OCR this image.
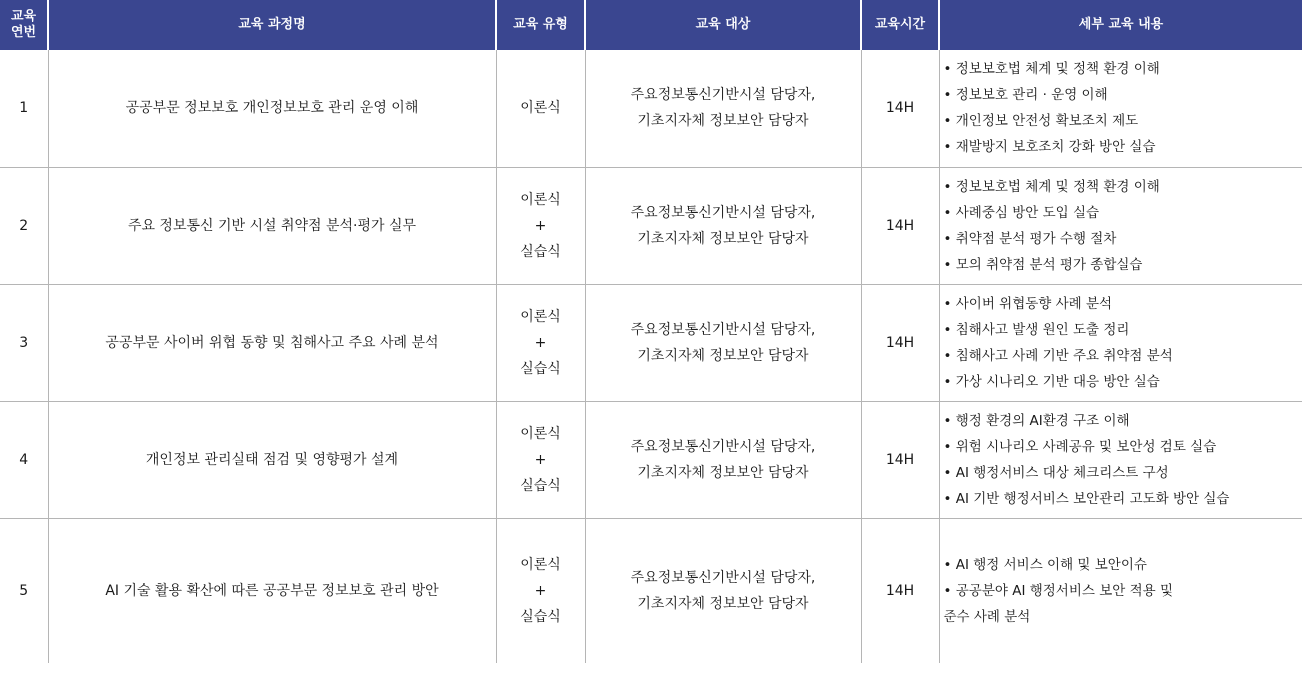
교육
연번	교육 과정명	교육 유형	교육 대상	교육시간	세부 교육 내용
1	공공부문 정보보호 개인정보보호 관리 운영 이해	이론식	주요정보통신기반시설 담당자,
기초지자체 정보보안 담당자	14H	• 정보보호법 체계 및 정책 환경 이해
• 정보보호 관리 · 운영 이해
• 개인정보 안전성 확보조치 제도
• 재발방지 보호조치 강화 방안 실습

2	주요 정보통신 기반 시설 취약점 분석·평가 실무	이론식
+
실습식	주요정보통신기반시설 담당자,
기초지자체 정보보안 담당자	14H	• 정보보호법 체계 및 정책 환경 이해
• 사례중심 방안 도입 실습
• 취약점 분석 평가 수행 절차
• 모의 취약점 분석 평가 종합실습

3	공공부문 사이버 위협 동향 및 침해사고 주요 사례 분석	이론식
+
실습식	주요정보통신기반시설 담당자,
기초지자체 정보보안 담당자	14H	• 사이버 위협동향 사례 분석
• 침해사고 발생 원인 도출 정리
• 침해사고 사례 기반 주요 취약점 분석
• 가상 시나리오 기반 대응 방안 실습

4	개인정보 관리실태 점검 및 영향평가 설계	이론식
+
실습식	주요정보통신기반시설 담당자,
기초지자체 정보보안 담당자	14H	• 행정 환경의 AI환경 구조 이해
• 위험 시나리오 사례공유 및 보안성 검토 실습
• AI 행정서비스 대상 체크리스트 구성
• AI 기반 행정서비스 보안관리 고도화 방안 실습

5	AI 기술 활용 확산에 따른 공공부문 정보보호 관리 방안	이론식
+
실습식	주요정보통신기반시설 담당자,
기초지자체 정보보안 담당자	14H	• AI 행정 서비스 이해 및 보안이슈
• 공공분야 AI 행정서비스 보안 적용 및
준수 사례 분석
